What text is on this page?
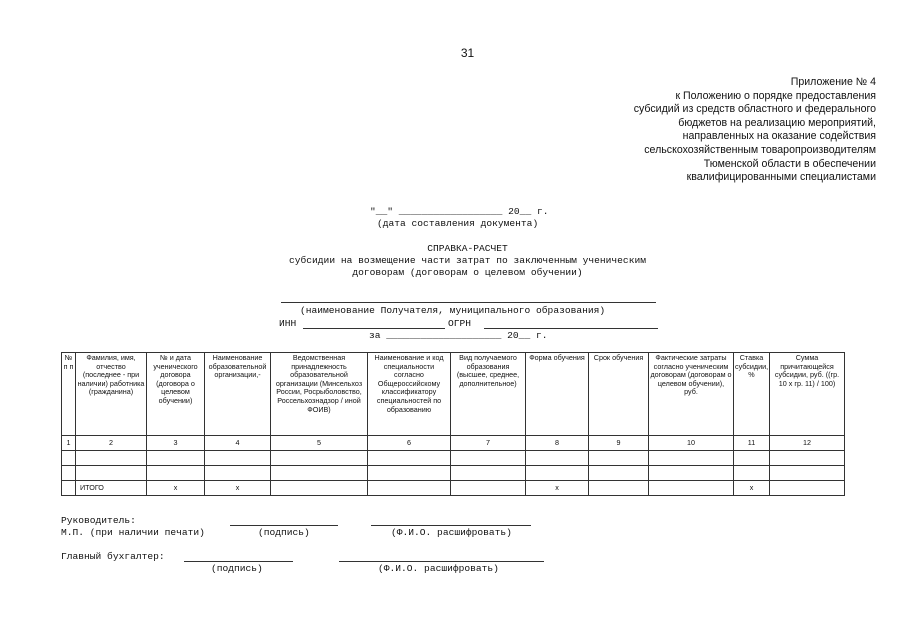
31
Приложение № 4
к Положению о порядке предоставления
субсидий из средств областного и федерального
бюджетов на реализацию мероприятий,
направленных на оказание содействия
сельскохозяйственным товаропроизводителям
Тюменской области в обеспечении
квалифицированными специалистами
"__" __________________ 20__ г.
(дата составления документа)
СПРАВКА-РАСЧЕТ
субсидии на возмещение части затрат по заключенным ученическим
договорам (договорам о целевом обучении)
(наименование Получателя, муниципального образования)
ИНН	ОГРН
за ____________________ 20__ г.
№ п п	Фамилия, имя, отчество (последнее - при наличии) работника (гражданина)	№ и дата ученического договора (договора о целевом обучении)	Наименование образовательной организации,-	Ведомственная принадлежность образовательной организации (Минсельхоз России, Росрыболовство, Россельхознадзор / иной ФОИВ)	Наименование и код специальности согласно Общероссийскому классификатору специальностей по образованию	Вид получаемого образования (высшее, среднее, дополнительное)	Форма обучения	Срок обучения	Фактические затраты согласно ученическим договорам (договорам о целевом обучении), руб.	Ставка субсидии, %	Сумма причитающейся субсидии, руб. ((гр. 10 x гр. 11) / 100)
1	2	3	4	5	6	7	8	9	10	11	12

	ИТОГО	x	x				x			x	
Руководитель:
М.П. (при наличии печати)	(подпись)	(Ф.И.О. расшифровать)
Главный бухгалтер:
(подпись)	(Ф.И.О. расшифровать)
